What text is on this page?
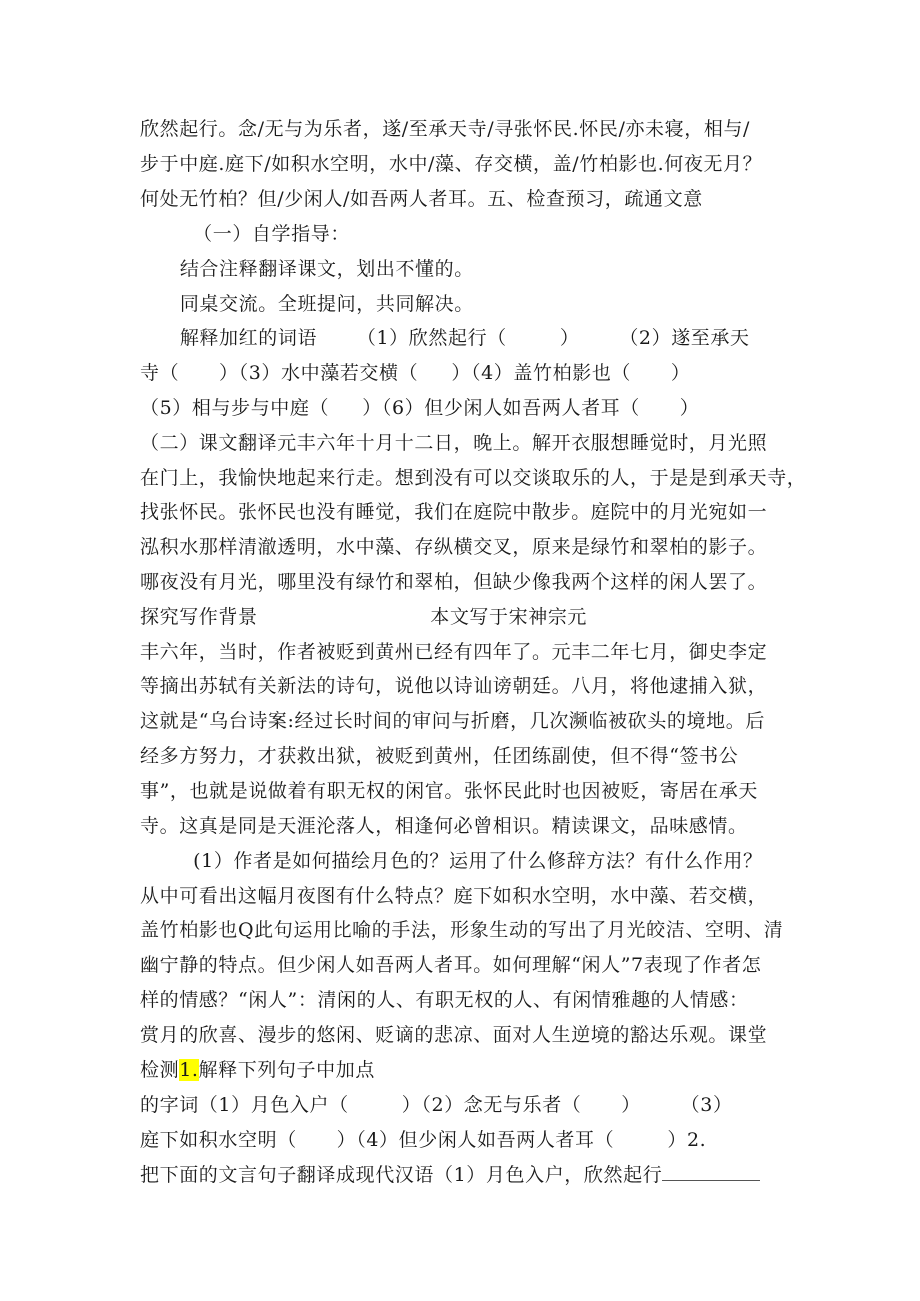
欣然起行。念/无与为乐者，遂/至承天寺/寻张怀民.怀民/亦未寝，相与/
步于中庭.庭下/如积水空明，水中/藻、存交横，盖/竹柏影也.何夜无月？
何处无竹柏？但/少闲人/如吾两人者耳。五、检查预习，疏通文意
（一）自学指导：
结合注释翻译课文，划出不懂的。
同桌交流。全班提问，共同解决。
解释加红的词语      （1）欣然起行（        ）      （2）遂至承天
寺（      ）（3）水中藻若交横（     ）（4）盖竹柏影也（      ）
（5）相与步与中庭（     ）（6）但少闲人如吾两人者耳（      ）
（二）课文翻译元丰六年十月十二日，晚上。解开衣服想睡觉时，月光照
在门上，我愉快地起来行走。想到没有可以交谈取乐的人，于是是到承天寺，
找张怀民。张怀民也没有睡觉，我们在庭院中散步。庭院中的月光宛如一
泓积水那样清澈透明，水中藻、存纵横交叉，原来是绿竹和翠柏的影子。
哪夜没有月光，哪里没有绿竹和翠柏，但缺少像我两个这样的闲人罢了。
探究写作背景                          本文写于宋神宗元
丰六年，当时，作者被贬到黄州已经有四年了。元丰二年七月，御史李定
等摘出苏轼有关新法的诗句，说他以诗讪谤朝廷。八月，将他逮捕入狱，
这就是“乌台诗案:经过长时间的审问与折磨，几次濒临被砍头的境地。后
经多方努力，才获救出狱，被贬到黄州，任团练副使，但不得“签书公
事”，也就是说做着有职无权的闲官。张怀民此时也因被贬，寄居在承天
寺。这真是同是天涯沦落人，相逢何必曾相识。精读课文，品味感情。
(1）作者是如何描绘月色的？运用了什么修辞方法？有什么作用？
从中可看出这幅月夜图有什么特点？庭下如积水空明，水中藻、若交横，
盖竹柏影也Q此句运用比喻的手法，形象生动的写出了月光皎洁、空明、清
幽宁静的特点。但少闲人如吾两人者耳。如何理解“闲人”7表现了作者怎
样的情感？“闲人”：清闲的人、有职无权的人、有闲情雅趣的人情感：
赏月的欣喜、漫步的悠闲、贬谪的悲凉、面对人生逆境的豁达乐观。课堂
检测1.解释下列句子中加点
的字词（1）月色入户（        ）（2）念无与乐者（      ）      （3）
庭下如积水空明（      ）（4）但少闲人如吾两人者耳（        ）2.
把下面的文言句子翻译成现代汉语（1）月色入户，欣然起行
